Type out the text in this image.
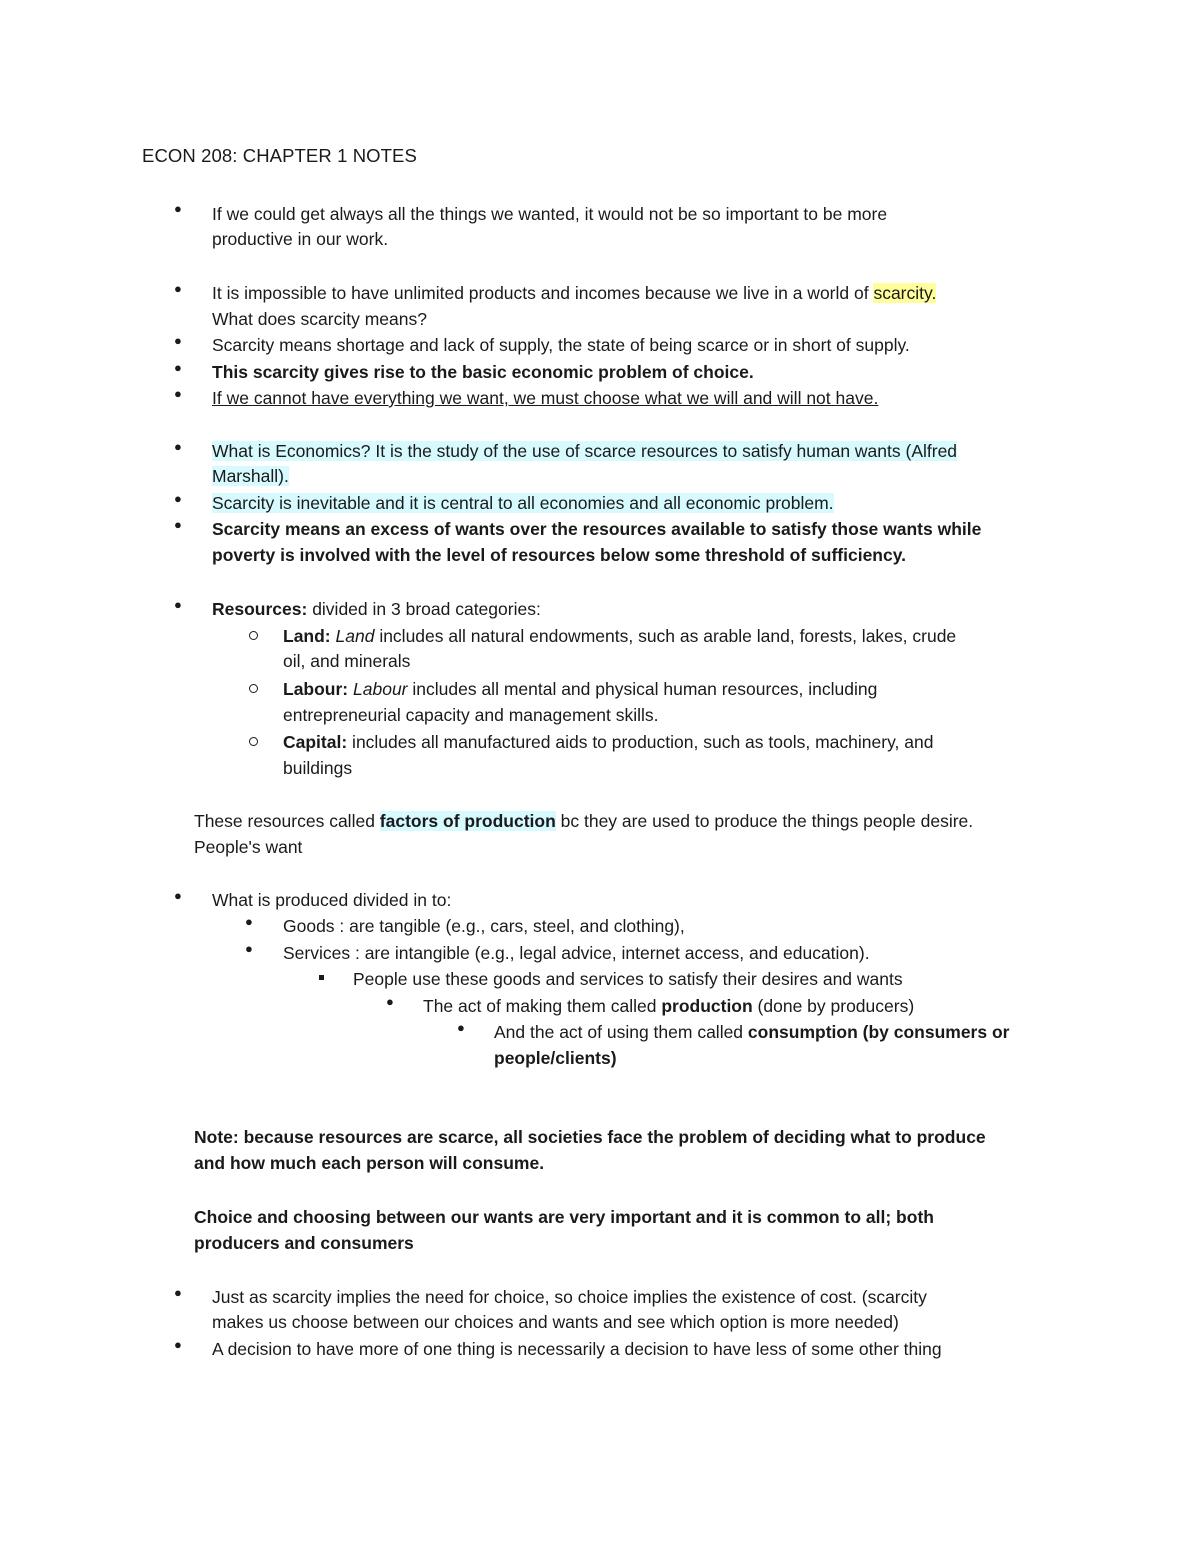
ECON 208: CHAPTER 1 NOTES
● If we could get always all the things we wanted, it would not be so important to be more
productive in our work.
● It is impossible to have unlimited products and incomes because we live in a world of scarcity.
What does scarcity means?
● Scarcity means shortage and lack of supply, the state of being scarce or in short of supply.
● This scarcity gives rise to the basic economic problem of choice.
● If we cannot have everything we want, we must choose what we will and will not have.
● What is Economics? It is the study of the use of scarce resources to satisfy human wants (Alfred
Marshall).
● Scarcity is inevitable and it is central to all economies and all economic problem.
● Scarcity means an excess of wants over the resources available to satisfy those wants while
poverty is involved with the level of resources below some threshold of sufficiency.
● Resources: divided in 3 broad categories:
Land: Land includes all natural endowments, such as arable land, forests, lakes, crude
oil, and minerals
Labour: Labour includes all mental and physical human resources, including
entrepreneurial capacity and management skills.
Capital: includes all manufactured aids to production, such as tools, machinery, and
buildings
These resources called factors of production bc they are used to produce the things people desire.
People's want
● What is produced divided in to:
● Goods : are tangible (e.g., cars, steel, and clothing),
● Services : are intangible (e.g., legal advice, internet access, and education).
People use these goods and services to satisfy their desires and wants
● The act of making them called production (done by producers)
● And the act of using them called consumption (by consumers or
people/clients)
Note: because resources are scarce, all societies face the problem of deciding what to produce
and how much each person will consume.
Choice and choosing between our wants are very important and it is common to all; both
producers and consumers
● Just as scarcity implies the need for choice, so choice implies the existence of cost. (scarcity
makes us choose between our choices and wants and see which option is more needed)
● A decision to have more of one thing is necessarily a decision to have less of some other thing
